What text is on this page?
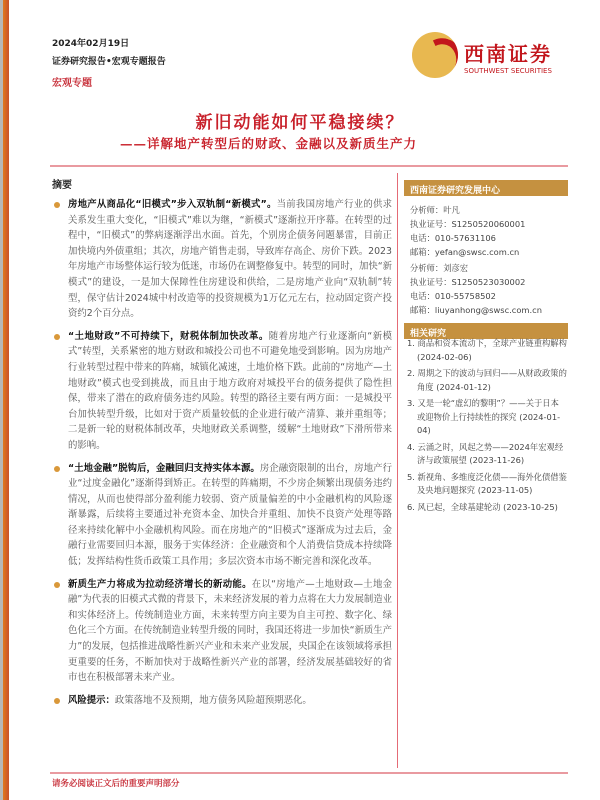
2024年02月19日
证券研究报告•宏观专题报告
宏观专题
西南证券
SOUTHWEST SECURITIES
新旧动能如何平稳接续？
——详解地产转型后的财政、金融以及新质生产力
摘要

房地产从商品化“旧模式”步入双轨制“新模式”。当前我国房地产行业的供求关系发生重大变化，“旧模式”难以为继，“新模式”逐渐拉开序幕。在转型的过程中，“旧模式”的弊病逐渐浮出水面。首先，个别房企债务问题暴雷，目前正加快境内外债重组；其次，房地产销售走弱，导致库存高企、房价下跌。2023年房地产市场整体运行较为低迷，市场仍在调整修复中。转型的同时，加快“新模式”的建设，一是加大保障性住房建设和供给，二是房地产业向“双轨制”转型，保守估计2024城中村改造等的投资规模为1万亿元左右，拉动固定资产投资约2个百分点。

“土地财政”不可持续下，财税体制加快改革。随着房地产行业逐渐向“新模式”转型，关系紧密的地方财政和城投公司也不可避免地受到影响。因为房地产行业转型过程中带来的阵痛，城镇化减速，土地价格下跌。此前的“房地产—土地财政”模式也受到挑战，而且由于地方政府对城投平台的债务提供了隐性担保，带来了潜在的政府债务违约风险。转型的路径主要有两方面：一是城投平台加快转型升级，比如对于资产质量较低的企业进行破产清算、兼并重组等；二是新一轮的财税体制改革，央地财政关系调整，缓解“土地财政”下滑所带来的影响。

“土地金融”脱钩后，金融回归支持实体本源。房企融资限制的出台，房地产行业“过度金融化”逐渐得到矫正。在转型的阵痛期，不少房企频繁出现债务违约情况，从而也使得部分盈利能力较弱、资产质量偏差的中小金融机构的风险逐渐暴露，后续将主要通过补充资本金、加快合并重组、加快不良资产处理等路径来持续化解中小金融机构风险。而在房地产的“旧模式”逐渐成为过去后，金融行业需要回归本源，服务于实体经济：企业融资和个人消费信贷成本持续降低；发挥结构性货币政策工具作用；多层次资本市场不断完善和深化改革。

新质生产力将成为拉动经济增长的新动能。在以“房地产—土地财政—土地金融”为代表的旧模式式微的背景下，未来经济发展的着力点将在大力发展制造业和实体经济上。传统制造业方面，未来转型方向主要为自主可控、数字化、绿色化三个方面。在传统制造业转型升级的同时，我国还将进一步加快“新质生产力”的发展，包括推进战略性新兴产业和未来产业发展，央国企在该领域将承担更重要的任务，不断加快对于战略性新兴产业的部署，经济发展基础较好的省市也在积极部署未来产业。

风险提示：政策落地不及预期，地方债务风险超预期恶化。

西南证券研究发展中心
分析师：叶凡
执业证号：S1250520060001
电话：010-57631106
邮箱：yefan@swsc.com.cn
分析师：刘彦宏
执业证号：S1250523030002
电话：010-55758502
邮箱：liuyanhong@swsc.com.cn
相关研究
1. 商品和资本流动下，全球产业链重构解构 (2024-02-06)
2. 周期之下的波动与回归——从财政政策的角度 (2024-01-12)
3. 又是一轮“虚幻的黎明”？——关于日本或迎物价上行持续性的探究 (2024-01-04)
4. 云涌之时，风起之势——2024年宏观经济与政策展望 (2023-11-26)
5. 新视角、多维度泛化债——海外化债借鉴及央地问题探究 (2023-11-05)
6. 风已起，全球基建轮动 (2023-10-25)
请务必阅读正文后的重要声明部分
